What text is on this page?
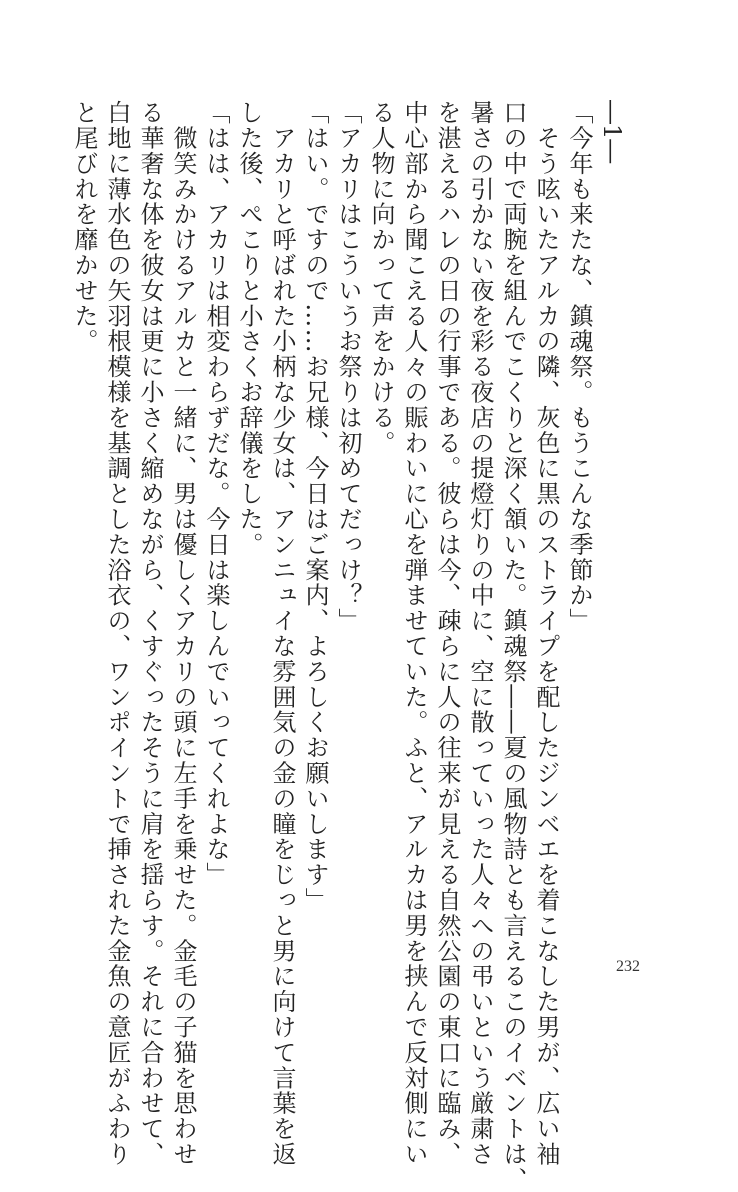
―1―
「今年も来たな、鎮魂祭。もうこんな季節か」
　そう呟いたアルカの隣、灰色に黒のストライプを配したジンベエを着こなした男が、広い袖
口の中で両腕を組んでこくりと深く頷いた。鎮魂祭――夏の風物詩とも言えるこのイベントは、
暑さの引かない夜を彩る夜店の提燈灯りの中に、空に散っていった人々への弔いという厳粛さ
を湛えるハレの日の行事である。彼らは今、疎らに人の往来が見える自然公園の東口に臨み、
中心部から聞こえる人々の賑わいに心を弾ませていた。ふと、アルカは男を挟んで反対側にい
る人物に向かって声をかける。
「アカリはこういうお祭りは初めてだっけ？」
「はい。ですので……お兄様、今日はご案内、よろしくお願いします」
　アカリと呼ばれた小柄な少女は、アンニュイな雰囲気の金の瞳をじっと男に向けて言葉を返
した後、ぺこりと小さくお辞儀をした。
「はは、アカリは相変わらずだな。今日は楽しんでいってくれよな」
　微笑みかけるアルカと一緒に、男は優しくアカリの頭に左手を乗せた。金毛の子猫を思わせ
る華奢な体を彼女は更に小さく縮めながら、くすぐったそうに肩を揺らす。それに合わせて、
白地に薄水色の矢羽根模様を基調とした浴衣の、ワンポイントで挿された金魚の意匠がふわり
と尾びれを靡かせた。
232
